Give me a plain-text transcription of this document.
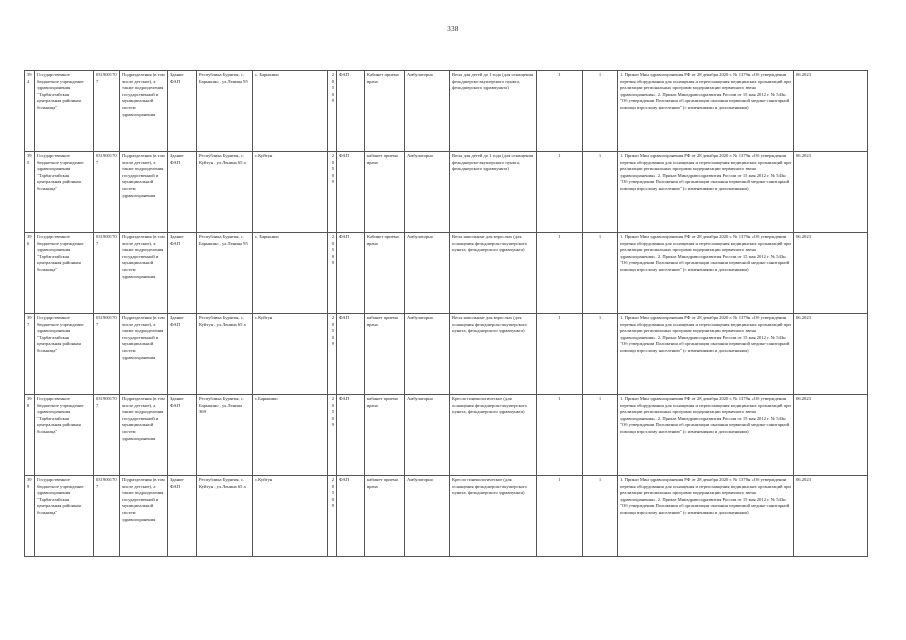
338
394	Государственное бюджетное учреждение здравоохранения "Тарбагатайская центральная районная больница"	0319001707	Подразделения (в том числе детские), а также подразделения государственной и муниципальной систем здравоохранения	Здание ФАП	Республика Бурятия, с. Барыкино , ул.Ленина 95	с. Барыкино	20509	ФАП	Кабинет приема врача	Амбулаторно	Весы для детей до 1 года (для оснащения фельдшерско-акушерского пункта, фельдшерского здравпункта)	1	1	1. Приказ Мин здравоохранения РФ от 28 декабря 2020 г. № 1379н «Об утверждении перечня оборудования для оснащения и переоснащения медицинских организаций при реализации региональных программ модернизации первичного звена здравоохранения». 2. Приказ Минздравсоцразвития России от 15 мая 2012 г. № 543н "Об утверждении Положения об организации оказания первичной медико-санитарной помощи взрослому населению" (с изменениями и дополнениями)	06.2023
395	Государственное бюджетное учреждение здравоохранения "Тарбагатайская центральная районная больница"	0319001707	Подразделения (в том числе детские), а также подразделения государственной и муниципальной систем здравоохранения	Здание ФАП	Республика Бурятия, с. Куйтун , ул.Ленина 65 а	с.Куйтун	20509	ФАП	кабинет приема врача	Амбулаторно	Весы для детей до 1 года (для оснащения фельдшерско-акушерского пункта, фельдшерского здравпункта)	1	1	1. Приказ Мин здравоохранения РФ от 28 декабря 2020 г. № 1379н «Об утверждении перечня оборудования для оснащения и переоснащения медицинских организаций при реализации региональных программ модернизации первичного звена здравоохранения». 2. Приказ Минздравсоцразвития России от 15 мая 2012 г. № 543н "Об утверждении Положения об организации оказания первичной медико-санитарной помощи взрослому населению" (с изменениями и дополнениями)	06.2023
396	Государственное бюджетное учреждение здравоохранения "Тарбагатайская центральная районная больница"	0319001707	Подразделения (в том числе детские), а также подразделения государственной и муниципальной систем здравоохранения	Здание ФАП	Республика Бурятия, с. Барыкино , ул.Ленина 95	с. Барыкино	20509	ФАП	Кабинет приема врача	Амбулаторно	Весы напольные для взрослых (для оснащения фельдшерско-акушерского пункта, фельдшерского здравпункта)	1	1	1. Приказ Мин здравоохранения РФ от 28 декабря 2020 г. № 1379н «Об утверждении перечня оборудования для оснащения и переоснащения медицинских организаций при реализации региональных программ модернизации первичного звена здравоохранения». 2. Приказ Минздравсоцразвития России от 15 мая 2012 г. № 543н "Об утверждении Положения об организации оказания первичной медико-санитарной помощи взрослому населению" (с изменениями и дополнениями)	06.2023
397	Государственное бюджетное учреждение здравоохранения "Тарбагатайская центральная районная больница"	0319001707	Подразделения (в том числе детские), а также подразделения государственной и муниципальной систем здравоохранения	Здание ФАП	Республика Бурятия, с. Куйтун , ул.Ленина 65 а	с.Куйтун	20509	ФАП	кабинет приема врача	Амбулаторно	Весы напольные для взрослых (для оснащения фельдшерско-акушерского пункта, фельдшерского здравпункта)	1	1	1. Приказ Мин здравоохранения РФ от 28 декабря 2020 г. № 1379н «Об утверждении перечня оборудования для оснащения и переоснащения медицинских организаций при реализации региональных программ модернизации первичного звена здравоохранения». 2. Приказ Минздравсоцразвития России от 15 мая 2012 г. № 543н "Об утверждении Положения об организации оказания первичной медико-санитарной помощи взрослому населению" (с изменениями и дополнениями)	06.2023
398	Государственное бюджетное учреждение здравоохранения "Тарбагатайская центральная районная больница"	0319001707	Подразделения (в том числе детские), а также подразделения государственной и муниципальной систем здравоохранения	Здание ФАП	Республика Бурятия, с. Барыкино , ул.Ленина 369	с.Барыкино	20509	ФАП	кабинет приема врача	Амбулаторно	Кресло гинекологическое (для оснащения фельдшерско-акушерского пункта, фельдшерского здравпункта)	1	1	1. Приказ Мин здравоохранения РФ от 28 декабря 2020 г. № 1379н «Об утверждении перечня оборудования для оснащения и переоснащения медицинских организаций при реализации региональных программ модернизации первичного звена здравоохранения». 2. Приказ Минздравсоцразвития России от 15 мая 2012 г. № 543н "Об утверждении Положения об организации оказания первичной медико-санитарной помощи взрослому населению" (с изменениями и дополнениями)	06.2023
399	Государственное бюджетное учреждение здравоохранения "Тарбагатайская центральная районная больница"	0319001707	Подразделения (в том числе детские), а также подразделения государственной и муниципальной систем здравоохранения	Здание ФАП	Республика Бурятия, с. Куйтун , ул.Ленина 65 а	с.Куйтун	20509	ФАП	кабинет приема врача	Амбулаторно	Кресло гинекологическое (для оснащения фельдшерско-акушерского пункта, фельдшерского здравпункта)	1	1	1. Приказ Мин здравоохранения РФ от 28 декабря 2020 г. № 1379н «Об утверждении перечня оборудования для оснащения и переоснащения медицинских организаций при реализации региональных программ модернизации первичного звена здравоохранения». 2. Приказ Минздравсоцразвития России от 15 мая 2012 г. № 543н "Об утверждении Положения об организации оказания первичной медико-санитарной помощи взрослому населению" (с изменениями и дополнениями)	06.2023
